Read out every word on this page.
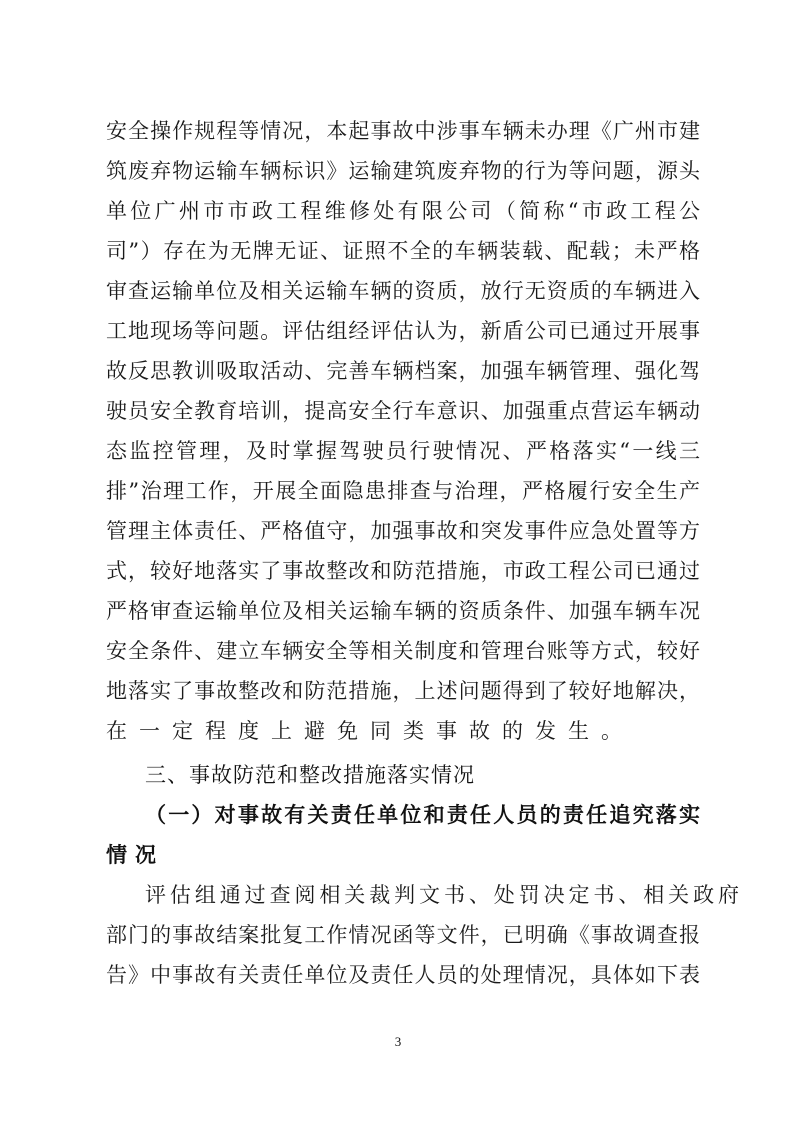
安全操作规程等情况，本起事故中涉事车辆未办理《广州市建
筑废弃物运输车辆标识》运输建筑废弃物的行为等问题，源头
单位广州市市政工程维修处有限公司（简称“市政工程公
司”）存在为无牌无证、证照不全的车辆装载、配载；未严格
审查运输单位及相关运输车辆的资质，放行无资质的车辆进入
工地现场等问题。评估组经评估认为，新盾公司已通过开展事
故反思教训吸取活动、完善车辆档案，加强车辆管理、强化驾
驶员安全教育培训，提高安全行车意识、加强重点营运车辆动
态监控管理，及时掌握驾驶员行驶情况、严格落实“一线三
排”治理工作，开展全面隐患排查与治理，严格履行安全生产
管理主体责任、严格值守，加强事故和突发事件应急处置等方
式，较好地落实了事故整改和防范措施，市政工程公司已通过
严格审查运输单位及相关运输车辆的资质条件、加强车辆车况
安全条件、建立车辆安全等相关制度和管理台账等方式，较好
地落实了事故整改和防范措施，上述问题得到了较好地解决，
在一定程度上避免同类事故的发生。
三、事故防范和整改措施落实情况
（一）对事故有关责任单位和责任人员的责任追究落实
情况
评估组通过查阅相关裁判文书、处罚决定书、相关政府
部门的事故结案批复工作情况函等文件，已明确《事故调查报
告》中事故有关责任单位及责任人员的处理情况，具体如下表
3
